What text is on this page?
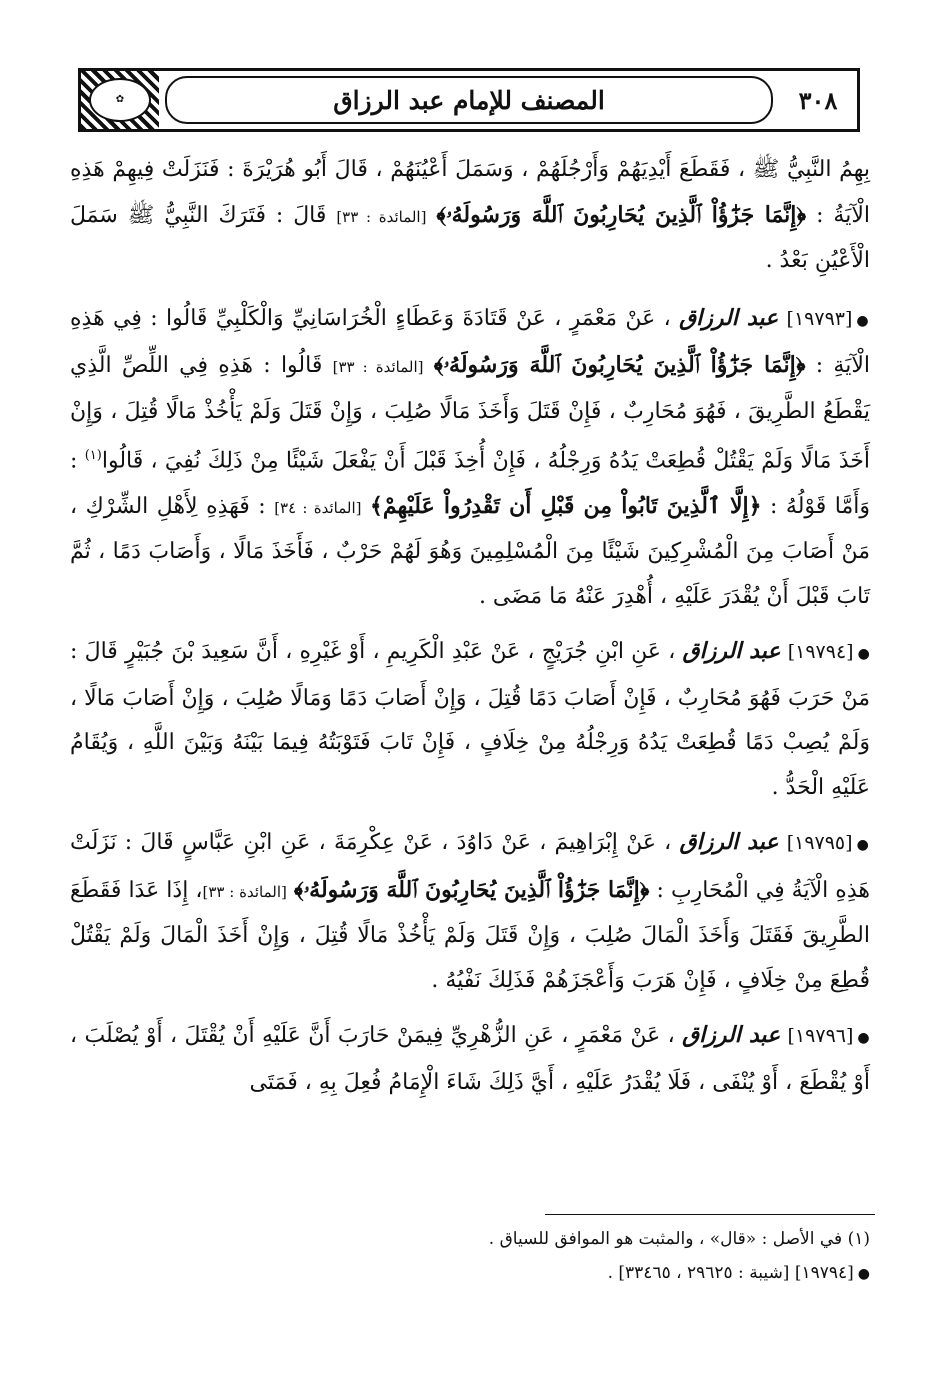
✿	المصنف للإمام عبد الرزاق	٣٠٨

بِهِمُ النَّبِيُّ ﷺ ، فَقَطَعَ أَيْدِيَهُمْ وَأَرْجُلَهُمْ ، وَسَمَلَ أَعْيُنَهُمْ ، قَالَ أَبُو هُرَيْرَةَ : فَنَزَلَتْ فِيهِمْ هَذِهِ الْآيَةُ : ﴿إِنَّمَا جَزَٰٓؤُاْ ٱلَّذِينَ يُحَارِبُونَ ٱللَّهَ وَرَسُولَهُۥ﴾ [المائدة : ٣٣] قَالَ : فَتَرَكَ النَّبِيُّ ﷺ سَمَلَ الْأَعْيُنِ بَعْدُ .

●[١٩٧٩٣] عبد الرزاق ، عَنْ مَعْمَرٍ ، عَنْ قَتَادَةَ وَعَطَاءٍ الْخُرَاسَانِيِّ وَالْكَلْبِيِّ قَالُوا : فِي هَذِهِ الْآيَةِ : ﴿إِنَّمَا جَزَٰٓؤُاْ ٱلَّذِينَ يُحَارِبُونَ ٱللَّهَ وَرَسُولَهُۥ﴾ [المائدة : ٣٣] قَالُوا : هَذِهِ فِي اللِّصِّ الَّذِي يَقْطَعُ الطَّرِيقَ ، فَهُوَ مُحَارِبٌ ، فَإِنْ قَتَلَ وَأَخَذَ مَالًا صُلِبَ ، وَإِنْ قَتَلَ وَلَمْ يَأْخُذْ مَالًا قُتِلَ ، وَإِنْ أَخَذَ مَالًا وَلَمْ يَقْتُلْ قُطِعَتْ يَدُهُ وَرِجْلُهُ ، فَإِنْ أُخِذَ قَبْلَ أَنْ يَفْعَلَ شَيْئًا مِنْ ذَلِكَ نُفِيَ ، قَالُوا$^{(١)}$ : وَأَمَّا قَوْلُهُ : ﴿إِلَّا ٱلَّذِينَ تَابُواْ مِن قَبْلِ أَن تَقْدِرُواْ عَلَيْهِمْ﴾ [المائدة : ٣٤] : فَهَذِهِ لِأَهْلِ الشِّرْكِ ، مَنْ أَصَابَ مِنَ الْمُشْرِكِينَ شَيْئًا مِنَ الْمُسْلِمِينَ وَهُوَ لَهُمْ حَرْبٌ ، فَأَخَذَ مَالًا ، وَأَصَابَ دَمًا ، ثُمَّ تَابَ قَبْلَ أَنْ يُقْدَرَ عَلَيْهِ ، أُهْدِرَ عَنْهُ مَا مَضَى .

●[١٩٧٩٤] عبد الرزاق ، عَنِ ابْنِ جُرَيْجٍ ، عَنْ عَبْدِ الْكَرِيمِ ، أَوْ غَيْرِهِ ، أَنَّ سَعِيدَ بْنَ جُبَيْرٍ قَالَ : مَنْ حَرَبَ فَهُوَ مُحَارِبٌ ، فَإِنْ أَصَابَ دَمًا قُتِلَ ، وَإِنْ أَصَابَ دَمًا وَمَالًا صُلِبَ ، وَإِنْ أَصَابَ مَالًا ، وَلَمْ يُصِبْ دَمًا قُطِعَتْ يَدُهُ وَرِجْلُهُ مِنْ خِلَافٍ ، فَإِنْ تَابَ فَتَوْبَتُهُ فِيمَا بَيْنَهُ وَبَيْنَ اللَّهِ ، وَيُقَامُ عَلَيْهِ الْحَدُّ .

●[١٩٧٩٥] عبد الرزاق ، عَنْ إِبْرَاهِيمَ ، عَنْ دَاوُدَ ، عَنْ عِكْرِمَةَ ، عَنِ ابْنِ عَبَّاسٍ قَالَ : نَزَلَتْ هَذِهِ الْآيَةُ فِي الْمُحَارِبِ : ﴿إِنَّمَا جَزَٰٓؤُاْ ٱلَّذِينَ يُحَارِبُونَ ٱللَّهَ وَرَسُولَهُۥ﴾ [المائدة : ٣٣]، إِذَا عَدَا فَقَطَعَ الطَّرِيقَ فَقَتَلَ وَأَخَذَ الْمَالَ صُلِبَ ، وَإِنْ قَتَلَ وَلَمْ يَأْخُذْ مَالًا قُتِلَ ، وَإِنْ أَخَذَ الْمَالَ وَلَمْ يَقْتُلْ قُطِعَ مِنْ خِلَافٍ ، فَإِنْ هَرَبَ وَأَعْجَزَهُمْ فَذَلِكَ نَفْيُهُ .

●[١٩٧٩٦] عبد الرزاق ، عَنْ مَعْمَرٍ ، عَنِ الزُّهْرِيِّ فِيمَنْ حَارَبَ أَنَّ عَلَيْهِ أَنْ يُقْتَلَ ، أَوْ يُصْلَبَ ، أَوْ يُقْطَعَ ، أَوْ يُنْفَى ، فَلَا يُقْدَرُ عَلَيْهِ ، أَيَّ ذَلِكَ شَاءَ الْإِمَامُ فُعِلَ بِهِ ، فَمَتَى

(١) في الأصل : «قال» ، والمثبت هو الموافق للسياق .
●[١٩٧٩٤] [شيبة : ٢٩٦٢٥ ، ٣٣٤٦٥] .
